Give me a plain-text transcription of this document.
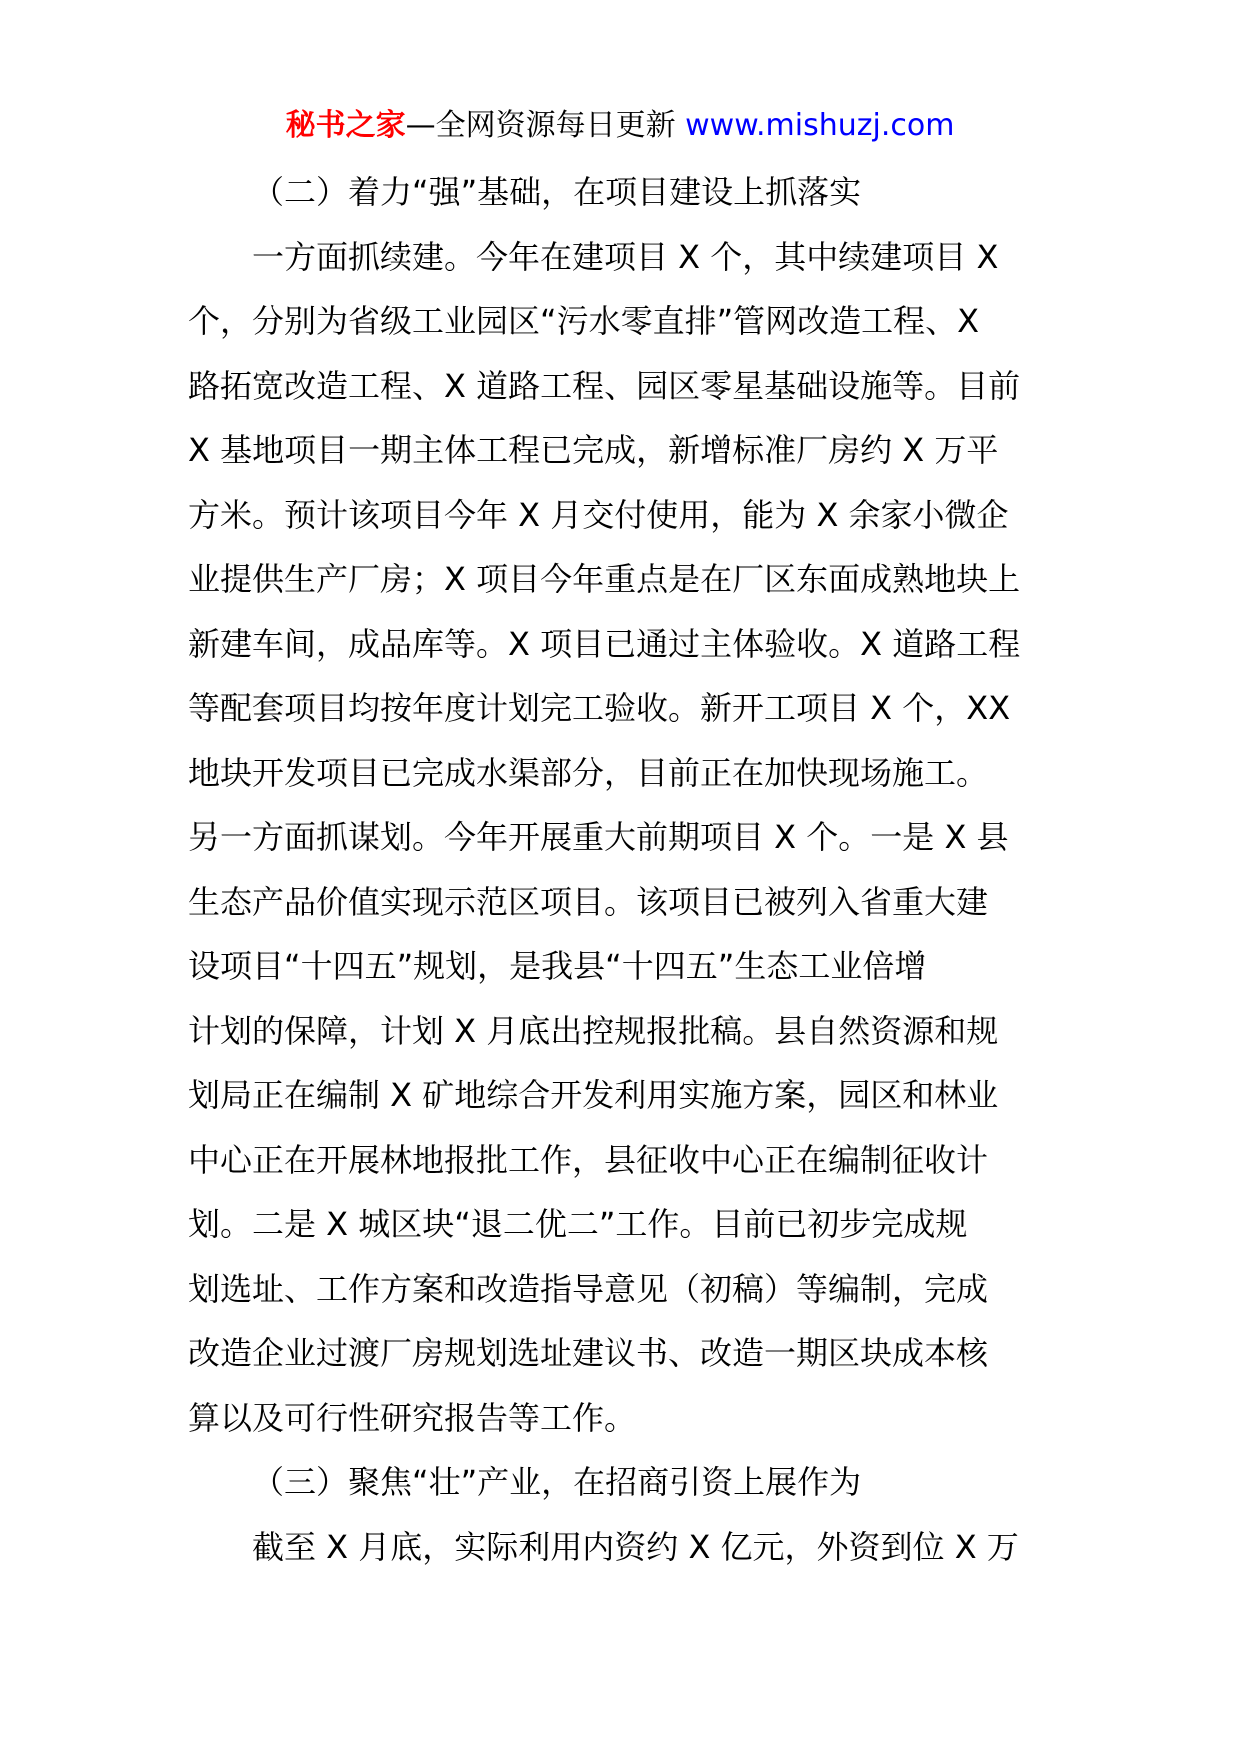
秘书之家—全网资源每日更新 www.mishuzj.com
（二）着力“强”基础，在项目建设上抓落实
一方面抓续建。今年在建项目 X 个，其中续建项目 X
个，分别为省级工业园区“污水零直排”管网改造工程、X
路拓宽改造工程、X 道路工程、园区零星基础设施等。目前
X 基地项目一期主体工程已完成，新增标准厂房约 X 万平
方米。预计该项目今年 X 月交付使用，能为 X 余家小微企
业提供生产厂房；X 项目今年重点是在厂区东面成熟地块上
新建车间，成品库等。X 项目已通过主体验收。X 道路工程
等配套项目均按年度计划完工验收。新开工项目 X 个，XX
地块开发项目已完成水渠部分，目前正在加快现场施工。
另一方面抓谋划。今年开展重大前期项目 X 个。一是 X 县
生态产品价值实现示范区项目。该项目已被列入省重大建
设项目“十四五”规划，是我县“十四五”生态工业倍增
计划的保障，计划 X 月底出控规报批稿。县自然资源和规
划局正在编制 X 矿地综合开发利用实施方案，园区和林业
中心正在开展林地报批工作，县征收中心正在编制征收计
划。二是 X 城区块“退二优二”工作。目前已初步完成规
划选址、工作方案和改造指导意见（初稿）等编制，完成
改造企业过渡厂房规划选址建议书、改造一期区块成本核
算以及可行性研究报告等工作。
（三）聚焦“壮”产业，在招商引资上展作为
截至 X 月底，实际利用内资约 X 亿元，外资到位 X 万
